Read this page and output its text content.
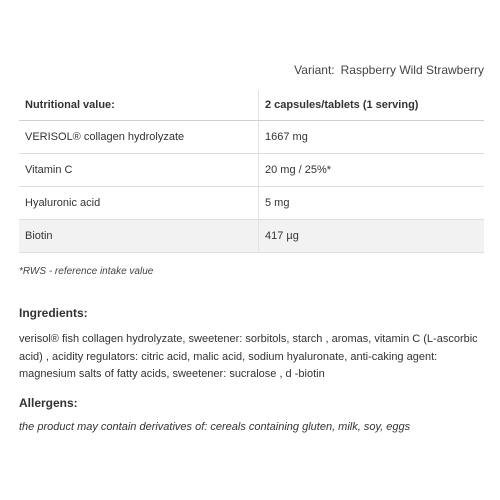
Variant: Raspberry Wild Strawberry
Nutritional value:	2 capsules/tablets (1 serving)
VERISOL® collagen hydrolyzate	1667 mg
Vitamin C	20 mg / 25%*
Hyaluronic acid	5 mg
Biotin	417 µg
*RWS - reference intake value
Ingredients:
verisol® fish collagen hydrolyzate, sweetener: sorbitols, starch , aromas, vitamin C (L-ascorbic acid) , acidity regulators: citric acid, malic acid, sodium hyaluronate, anti-caking agent: magnesium salts of fatty acids, sweetener: sucralose , d -biotin
Allergens:
the product may contain derivatives of: cereals containing gluten, milk, soy, eggs
